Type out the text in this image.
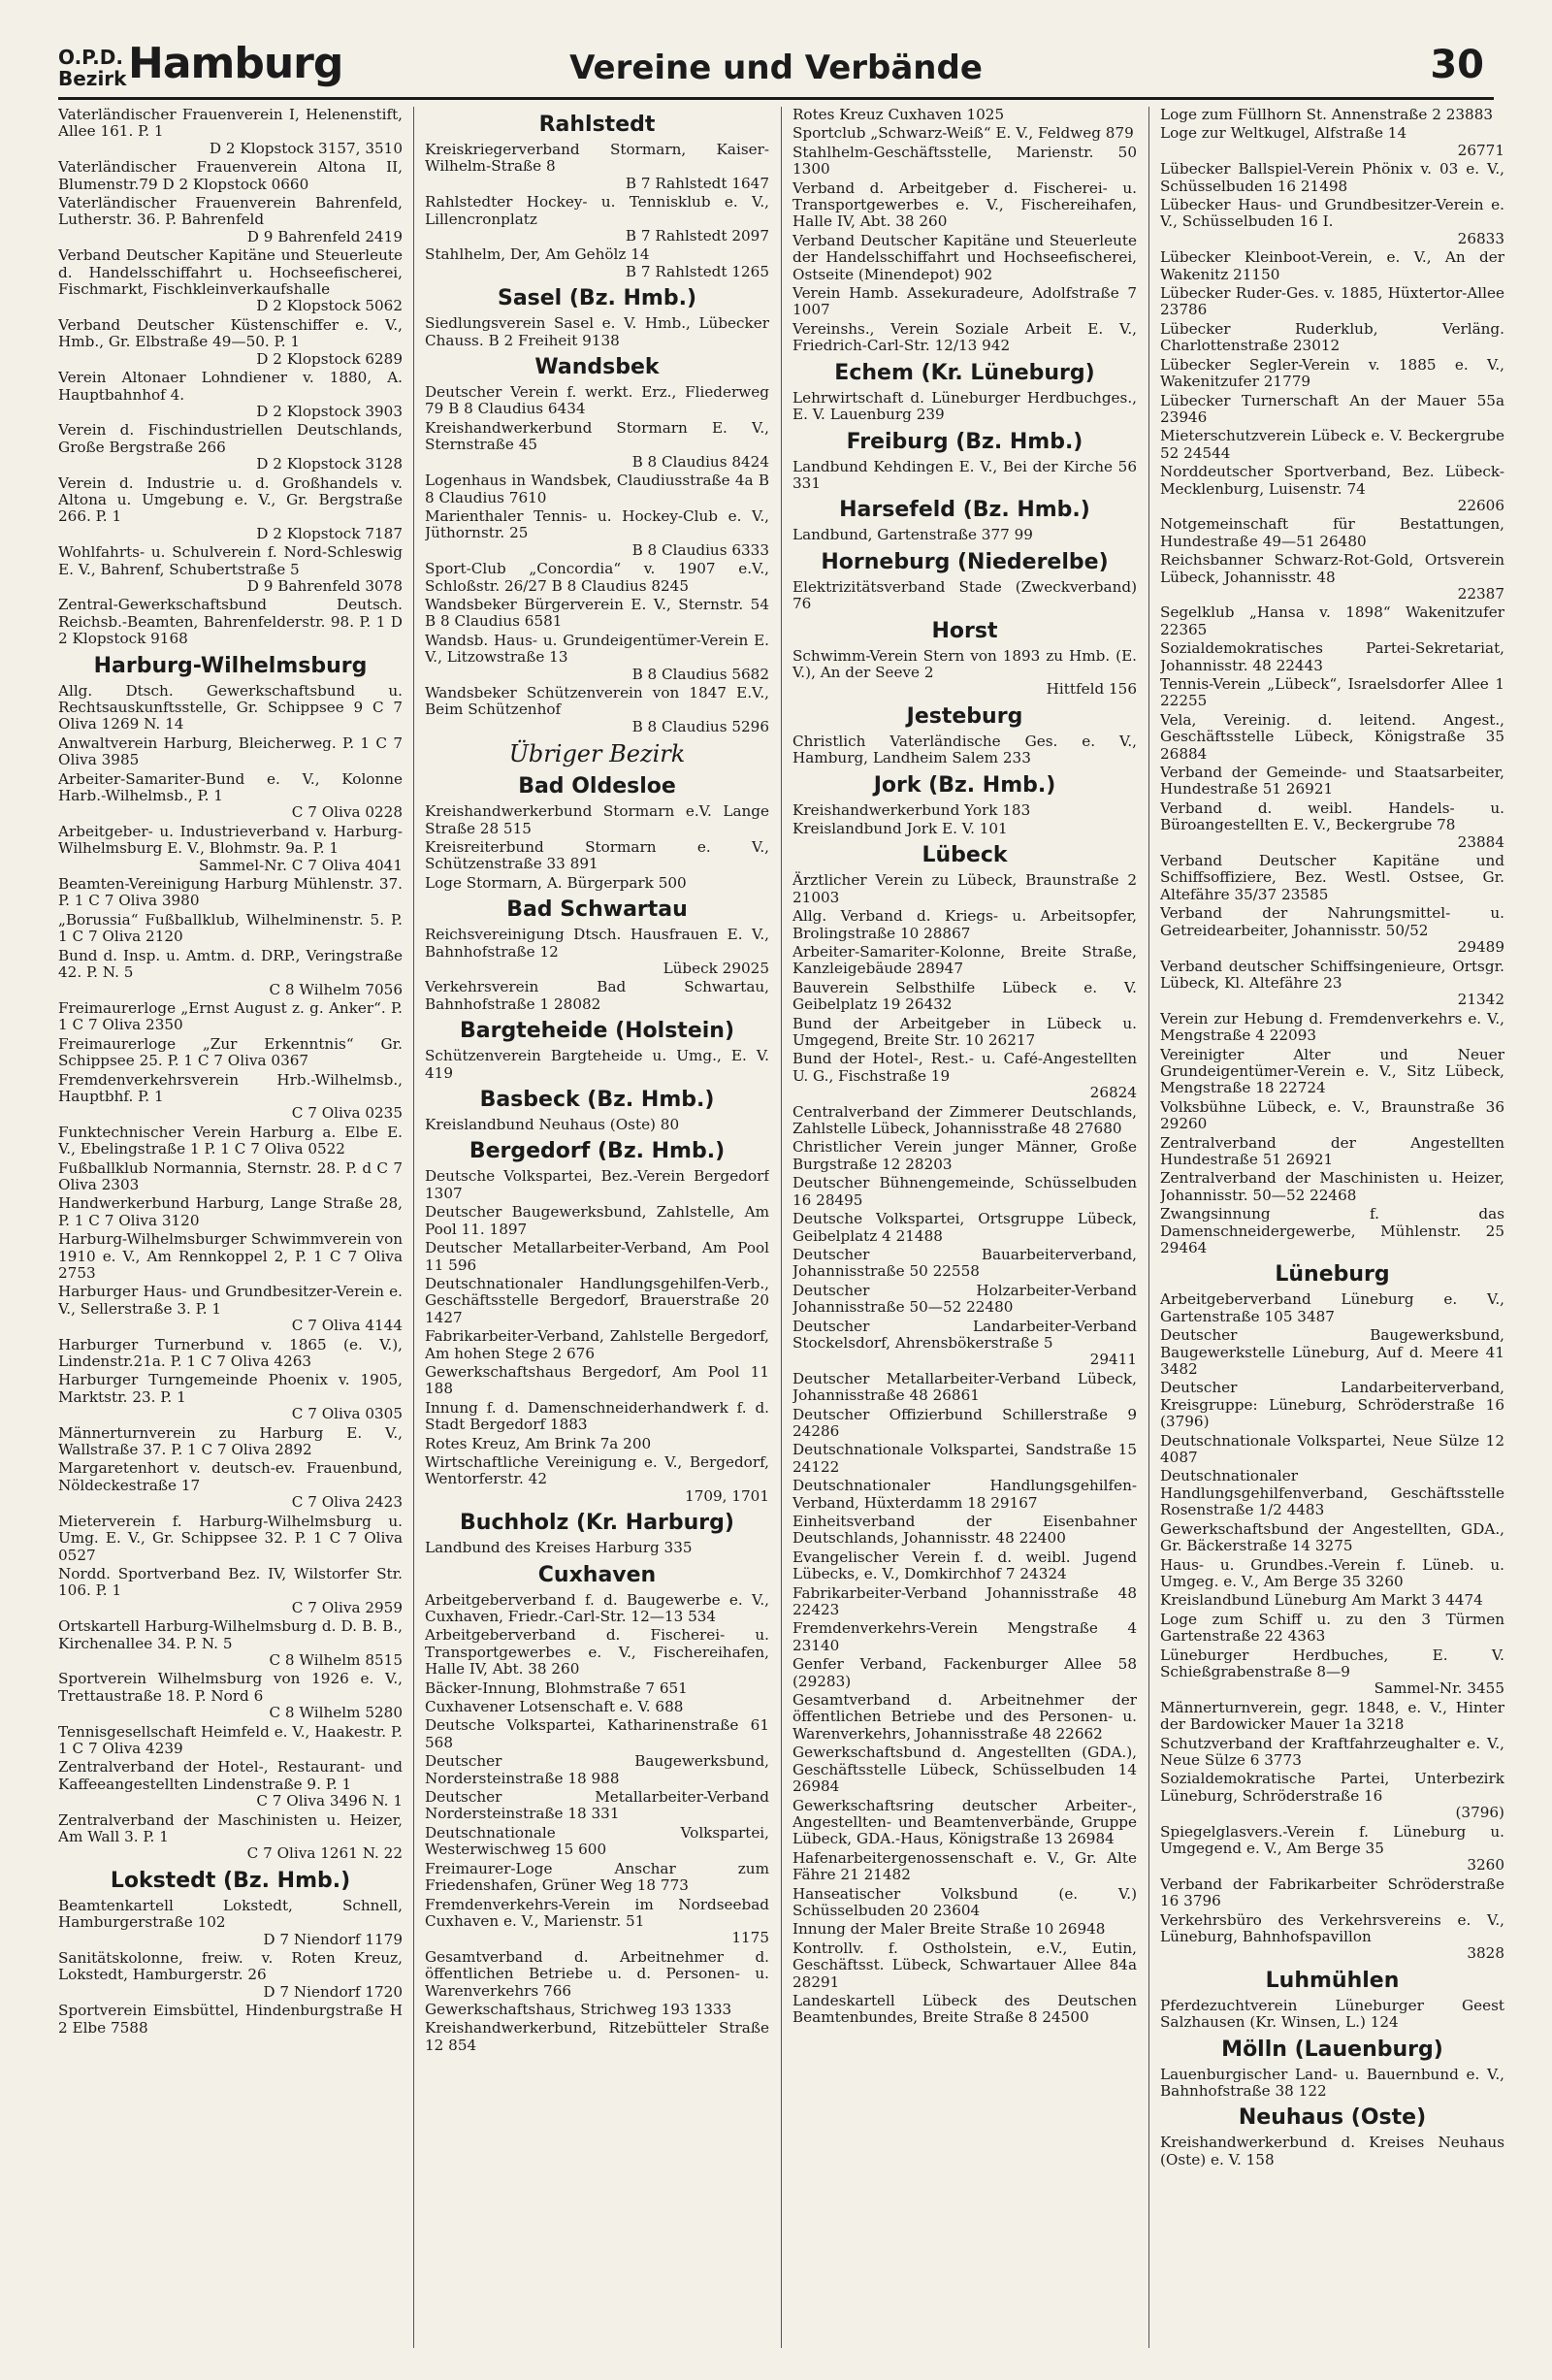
O.P.D.
Bezirk Hamburg	Vereine und Verbände	30
Vaterländischer Frauenverein I, Helenenstift, Allee 161. P. 1
D 2 Klopstock 3157, 3510
Vaterländischer Frauenverein Altona II, Blumenstr.79 D 2 Klopstock 0660
Vaterländischer Frauenverein Bahrenfeld, Lutherstr. 36. P. Bahrenfeld
D 9 Bahrenfeld 2419
Verband Deutscher Kapitäne und Steuerleute d. Handelsschiffahrt u. Hochseefischerei, Fischmarkt, Fischkleinverkaufshalle
D 2 Klopstock 5062
Verband Deutscher Küstenschiffer e. V., Hmb., Gr. Elbstraße 49—50. P. 1
D 2 Klopstock 6289
Verein Altonaer Lohndiener v. 1880, A. Hauptbahnhof 4.
D 2 Klopstock 3903
Verein d. Fischindustriellen Deutschlands, Große Bergstraße 266
D 2 Klopstock 3128
Verein d. Industrie u. d. Großhandels v. Altona u. Umgebung e. V., Gr. Bergstraße 266. P. 1
D 2 Klopstock 7187
Wohlfahrts- u. Schulverein f. Nord-Schleswig E. V., Bahrenf, Schubertstraße 5
D 9 Bahrenfeld 3078
Zentral-Gewerkschaftsbund Deutsch. Reichsb.-Beamten, Bahrenfelderstr. 98. P. 1 D 2 Klopstock 9168
Harburg-Wilhelmsburg
Allg. Dtsch. Gewerkschaftsbund u. Rechtsauskunftsstelle, Gr. Schippsee 9 C 7 Oliva 1269 N. 14
Anwaltverein Harburg, Bleicherweg. P. 1 C 7 Oliva 3985
Arbeiter-Samariter-Bund e. V., Kolonne Harb.-Wilhelmsb., P. 1
C 7 Oliva 0228
Arbeitgeber- u. Industrieverband v. Harburg-Wilhelmsburg E. V., Blohmstr. 9a. P. 1
Sammel-Nr. C 7 Oliva 4041
Beamten-Vereinigung Harburg Mühlenstr. 37. P. 1 C 7 Oliva 3980
„Borussia“ Fußballklub, Wilhelminenstr. 5. P. 1 C 7 Oliva 2120
Bund d. Insp. u. Amtm. d. DRP., Veringstraße 42. P. N. 5
C 8 Wilhelm 7056
Freimaurerloge „Ernst August z. g. Anker“. P. 1 C 7 Oliva 2350
Freimaurerloge „Zur Erkenntnis“ Gr. Schippsee 25. P. 1 C 7 Oliva 0367
Fremdenverkehrsverein Hrb.-Wilhelmsb., Hauptbhf. P. 1
C 7 Oliva 0235
Funktechnischer Verein Harburg a. Elbe E. V., Ebelingstraße 1 P. 1 C 7 Oliva 0522
Fußballklub Normannia, Sternstr. 28. P. d C 7 Oliva 2303
Handwerkerbund Harburg, Lange Straße 28, P. 1 C 7 Oliva 3120
Harburg-Wilhelmsburger Schwimmverein von 1910 e. V., Am Rennkoppel 2, P. 1 C 7 Oliva 2753
Harburger Haus- und Grundbesitzer-Verein e. V., Sellerstraße 3. P. 1
C 7 Oliva 4144
Harburger Turnerbund v. 1865 (e. V.), Lindenstr.21a. P. 1 C 7 Oliva 4263
Harburger Turngemeinde Phoenix v. 1905, Marktstr. 23. P. 1
C 7 Oliva 0305
Männerturnverein zu Harburg E. V., Wallstraße 37. P. 1 C 7 Oliva 2892
Margaretenhort v. deutsch-ev. Frauenbund, Nöldeckestraße 17
C 7 Oliva 2423
Mieterverein f. Harburg-Wilhelmsburg u. Umg. E. V., Gr. Schippsee 32. P. 1 C 7 Oliva 0527
Nordd. Sportverband Bez. IV, Wilstorfer Str. 106. P. 1
C 7 Oliva 2959
Ortskartell Harburg-Wilhelmsburg d. D. B. B., Kirchenallee 34. P. N. 5
C 8 Wilhelm 8515
Sportverein Wilhelmsburg von 1926 e. V., Trettaustraße 18. P. Nord 6
C 8 Wilhelm 5280
Tennisgesellschaft Heimfeld e. V., Haakestr. P. 1 C 7 Oliva 4239
Zentralverband der Hotel-, Restaurant- und Kaffeeangestellten Lindenstraße 9. P. 1
C 7 Oliva 3496 N. 1
Zentralverband der Maschinisten u. Heizer, Am Wall 3. P. 1
C 7 Oliva 1261 N. 22
Lokstedt (Bz. Hmb.)
Beamtenkartell Lokstedt, Schnell, Hamburgerstraße 102
D 7 Niendorf 1179
Sanitätskolonne, freiw. v. Roten Kreuz, Lokstedt, Hamburgerstr. 26
D 7 Niendorf 1720
Sportverein Eimsbüttel, Hindenburgstraße H 2 Elbe 7588
Rahlstedt
Kreiskriegerverband Stormarn, Kaiser-Wilhelm-Straße 8
B 7 Rahlstedt 1647
Rahlstedter Hockey- u. Tennisklub e. V., Lillencronplatz
B 7 Rahlstedt 2097
Stahlhelm, Der, Am Gehölz 14
B 7 Rahlstedt 1265
Sasel (Bz. Hmb.)
Siedlungsverein Sasel e. V. Hmb., Lübecker Chauss. B 2 Freiheit 9138
Wandsbek
Deutscher Verein f. werkt. Erz., Fliederweg 79 B 8 Claudius 6434
Kreishandwerkerbund Stormarn E. V., Sternstraße 45
B 8 Claudius 8424
Logenhaus in Wandsbek, Claudiusstraße 4a B 8 Claudius 7610
Marienthaler Tennis- u. Hockey-Club e. V., Jüthornstr. 25
B 8 Claudius 6333
Sport-Club „Concordia“ v. 1907 e.V., Schloßstr. 26/27 B 8 Claudius 8245
Wandsbeker Bürgerverein E. V., Sternstr. 54 B 8 Claudius 6581
Wandsb. Haus- u. Grundeigentümer-Verein E. V., Litzowstraße 13
B 8 Claudius 5682
Wandsbeker Schützenverein von 1847 E.V., Beim Schützenhof
B 8 Claudius 5296
Übriger Bezirk
Bad Oldesloe
Kreishandwerkerbund Stormarn e.V. Lange Straße 28 515
Kreisreiterbund Stormarn e. V., Schützenstraße 33 891
Loge Stormarn, A. Bürgerpark 500
Bad Schwartau
Reichsvereinigung Dtsch. Hausfrauen E. V., Bahnhofstraße 12
Lübeck 29025
Verkehrsverein Bad Schwartau, Bahnhofstraße 1 28082
Bargteheide (Holstein)
Schützenverein Bargteheide u. Umg., E. V. 419
Basbeck (Bz. Hmb.)
Kreislandbund Neuhaus (Oste) 80
Bergedorf (Bz. Hmb.)
Deutsche Volkspartei, Bez.-Verein Bergedorf 1307
Deutscher Baugewerksbund, Zahlstelle, Am Pool 11. 1897
Deutscher Metallarbeiter-Verband, Am Pool 11 596
Deutschnationaler Handlungsgehilfen-Verb., Geschäftsstelle Bergedorf, Brauerstraße 20 1427
Fabrikarbeiter-Verband, Zahlstelle Bergedorf, Am hohen Stege 2 676
Gewerkschaftshaus Bergedorf, Am Pool 11 188
Innung f. d. Damenschneiderhandwerk f. d. Stadt Bergedorf 1883
Rotes Kreuz, Am Brink 7a 200
Wirtschaftliche Vereinigung e. V., Bergedorf, Wentorferstr. 42
1709, 1701
Buchholz (Kr. Harburg)
Landbund des Kreises Harburg 335
Cuxhaven
Arbeitgeberverband f. d. Baugewerbe e. V., Cuxhaven, Friedr.-Carl-Str. 12—13 534
Arbeitgeberverband d. Fischerei- u. Transportgewerbes e. V., Fischereihafen, Halle IV, Abt. 38 260
Bäcker-Innung, Blohmstraße 7 651
Cuxhavener Lotsenschaft e. V. 688
Deutsche Volkspartei, Katharinenstraße 61 568
Deutscher Baugewerksbund, Nordersteinstraße 18 988
Deutscher Metallarbeiter-Verband Nordersteinstraße 18 331
Deutschnationale Volkspartei, Westerwischweg 15 600
Freimaurer-Loge Anschar zum Friedenshafen, Grüner Weg 18 773
Fremdenverkehrs-Verein im Nordseebad Cuxhaven e. V., Marienstr. 51
1175
Gesamtverband d. Arbeitnehmer d. öffentlichen Betriebe u. d. Personen- u. Warenverkehrs 766
Gewerkschaftshaus, Strichweg 193 1333
Kreishandwerkerbund, Ritzebütteler Straße 12 854
Rotes Kreuz Cuxhaven 1025
Sportclub „Schwarz-Weiß“ E. V., Feldweg 879
Stahlhelm-Geschäftsstelle, Marienstr. 50 1300
Verband d. Arbeitgeber d. Fischerei- u. Transportgewerbes e. V., Fischereihafen, Halle IV, Abt. 38 260
Verband Deutscher Kapitäne und Steuerleute der Handelsschiffahrt und Hochseefischerei, Ostseite (Minendepot) 902
Verein Hamb. Assekuradeure, Adolfstraße 7 1007
Vereinshs., Verein Soziale Arbeit E. V., Friedrich-Carl-Str. 12/13 942
Echem (Kr. Lüneburg)
Lehrwirtschaft d. Lüneburger Herdbuchges., E. V. Lauenburg 239
Freiburg (Bz. Hmb.)
Landbund Kehdingen E. V., Bei der Kirche 56 331
Harsefeld (Bz. Hmb.)
Landbund, Gartenstraße 377 99
Horneburg (Niederelbe)
Elektrizitätsverband Stade (Zweckverband) 76
Horst
Schwimm-Verein Stern von 1893 zu Hmb. (E. V.), An der Seeve 2
Hittfeld 156
Jesteburg
Christlich Vaterländische Ges. e. V., Hamburg, Landheim Salem 233
Jork (Bz. Hmb.)
Kreishandwerkerbund York 183
Kreislandbund Jork E. V. 101
Lübeck
Ärztlicher Verein zu Lübeck, Braunstraße 2 21003
Allg. Verband d. Kriegs- u. Arbeitsopfer, Brolingstraße 10 28867
Arbeiter-Samariter-Kolonne, Breite Straße, Kanzleigebäude 28947
Bauverein Selbsthilfe Lübeck e. V. Geibelplatz 19 26432
Bund der Arbeitgeber in Lübeck u. Umgegend, Breite Str. 10 26217
Bund der Hotel-, Rest.- u. Café-Angestellten U. G., Fischstraße 19
26824
Centralverband der Zimmerer Deutschlands, Zahlstelle Lübeck, Johannisstraße 48 27680
Christlicher Verein junger Männer, Große Burgstraße 12 28203
Deutscher Bühnengemeinde, Schüsselbuden 16 28495
Deutsche Volkspartei, Ortsgruppe Lübeck, Geibelplatz 4 21488
Deutscher Bauarbeiterverband, Johannisstraße 50 22558
Deutscher Holzarbeiter-Verband Johannisstraße 50—52 22480
Deutscher Landarbeiter-Verband Stockelsdorf, Ahrensbökerstraße 5
29411
Deutscher Metallarbeiter-Verband Lübeck, Johannisstraße 48 26861
Deutscher Offizierbund Schillerstraße 9 24286
Deutschnationale Volkspartei, Sandstraße 15 24122
Deutschnationaler Handlungsgehilfen-Verband, Hüxterdamm 18 29167
Einheitsverband der Eisenbahner Deutschlands, Johannisstr. 48 22400
Evangelischer Verein f. d. weibl. Jugend Lübecks, e. V., Domkirchhof 7 24324
Fabrikarbeiter-Verband Johannisstraße 48 22423
Fremdenverkehrs-Verein Mengstraße 4 23140
Genfer Verband, Fackenburger Allee 58 (29283)
Gesamtverband d. Arbeitnehmer der öffentlichen Betriebe und des Personen- u. Warenverkehrs, Johannisstraße 48 22662
Gewerkschaftsbund d. Angestellten (GDA.), Geschäftsstelle Lübeck, Schüsselbuden 14 26984
Gewerkschaftsring deutscher Arbeiter-, Angestellten- und Beamtenverbände, Gruppe Lübeck, GDA.-Haus, Königstraße 13 26984
Hafenarbeitergenossenschaft e. V., Gr. Alte Fähre 21 21482
Hanseatischer Volksbund (e. V.) Schüsselbuden 20 23604
Innung der Maler Breite Straße 10 26948
Kontrollv. f. Ostholstein, e.V., Eutin, Geschäftsst. Lübeck, Schwartauer Allee 84a 28291
Landeskartell Lübeck des Deutschen Beamtenbundes, Breite Straße 8 24500
Loge zum Füllhorn St. Annenstraße 2 23883
Loge zur Weltkugel, Alfstraße 14
26771
Lübecker Ballspiel-Verein Phönix v. 03 e. V., Schüsselbuden 16 21498
Lübecker Haus- und Grundbesitzer-Verein e. V., Schüsselbuden 16 I.
26833
Lübecker Kleinboot-Verein, e. V., An der Wakenitz 21150
Lübecker Ruder-Ges. v. 1885, Hüxtertor-Allee 23786
Lübecker Ruderklub, Verläng. Charlottenstraße 23012
Lübecker Segler-Verein v. 1885 e. V., Wakenitzufer 21779
Lübecker Turnerschaft An der Mauer 55a 23946
Mieterschutzverein Lübeck e. V. Beckergrube 52 24544
Norddeutscher Sportverband, Bez. Lübeck-Mecklenburg, Luisenstr. 74
22606
Notgemeinschaft für Bestattungen, Hundestraße 49—51 26480
Reichsbanner Schwarz-Rot-Gold, Ortsverein Lübeck, Johannisstr. 48
22387
Segelklub „Hansa v. 1898“ Wakenitzufer 22365
Sozialdemokratisches Partei-Sekretariat, Johannisstr. 48 22443
Tennis-Verein „Lübeck“, Israelsdorfer Allee 1 22255
Vela, Vereinig. d. leitend. Angest., Geschäftsstelle Lübeck, Königstraße 35 26884
Verband der Gemeinde- und Staatsarbeiter, Hundestraße 51 26921
Verband d. weibl. Handels- u. Büroangestellten E. V., Beckergrube 78
23884
Verband Deutscher Kapitäne und Schiffsoffiziere, Bez. Westl. Ostsee, Gr. Altefähre 35/37 23585
Verband der Nahrungsmittel- u. Getreidearbeiter, Johannisstr. 50/52
29489
Verband deutscher Schiffsingenieure, Ortsgr. Lübeck, Kl. Altefähre 23
21342
Verein zur Hebung d. Fremdenverkehrs e. V., Mengstraße 4 22093
Vereinigter Alter und Neuer Grundeigentümer-Verein e. V., Sitz Lübeck, Mengstraße 18 22724
Volksbühne Lübeck, e. V., Braunstraße 36 29260
Zentralverband der Angestellten Hundestraße 51 26921
Zentralverband der Maschinisten u. Heizer, Johannisstr. 50—52 22468
Zwangsinnung f. das Damenschneidergewerbe, Mühlenstr. 25 29464
Lüneburg
Arbeitgeberverband Lüneburg e. V., Gartenstraße 105 3487
Deutscher Baugewerksbund, Baugewerkstelle Lüneburg, Auf d. Meere 41 3482
Deutscher Landarbeiterverband, Kreisgruppe: Lüneburg, Schröderstraße 16 (3796)
Deutschnationale Volkspartei, Neue Sülze 12 4087
Deutschnationaler Handlungsgehilfenverband, Geschäftsstelle Rosenstraße 1/2 4483
Gewerkschaftsbund der Angestellten, GDA., Gr. Bäckerstraße 14 3275
Haus- u. Grundbes.-Verein f. Lüneb. u. Umgeg. e. V., Am Berge 35 3260
Kreislandbund Lüneburg Am Markt 3 4474
Loge zum Schiff u. zu den 3 Türmen Gartenstraße 22 4363
Lüneburger Herdbuches, E. V. Schießgrabenstraße 8—9
Sammel-Nr. 3455
Männerturnverein, gegr. 1848, e. V., Hinter der Bardowicker Mauer 1a 3218
Schutzverband der Kraftfahrzeughalter e. V., Neue Sülze 6 3773
Sozialdemokratische Partei, Unterbezirk Lüneburg, Schröderstraße 16
(3796)
Spiegelglasvers.-Verein f. Lüneburg u. Umgegend e. V., Am Berge 35
3260
Verband der Fabrikarbeiter Schröderstraße 16 3796
Verkehrsbüro des Verkehrsvereins e. V., Lüneburg, Bahnhofspavillon
3828
Luhmühlen
Pferdezuchtverein Lüneburger Geest Salzhausen (Kr. Winsen, L.) 124
Mölln (Lauenburg)
Lauenburgischer Land- u. Bauernbund e. V., Bahnhofstraße 38 122
Neuhaus (Oste)
Kreishandwerkerbund d. Kreises Neuhaus (Oste) e. V. 158
